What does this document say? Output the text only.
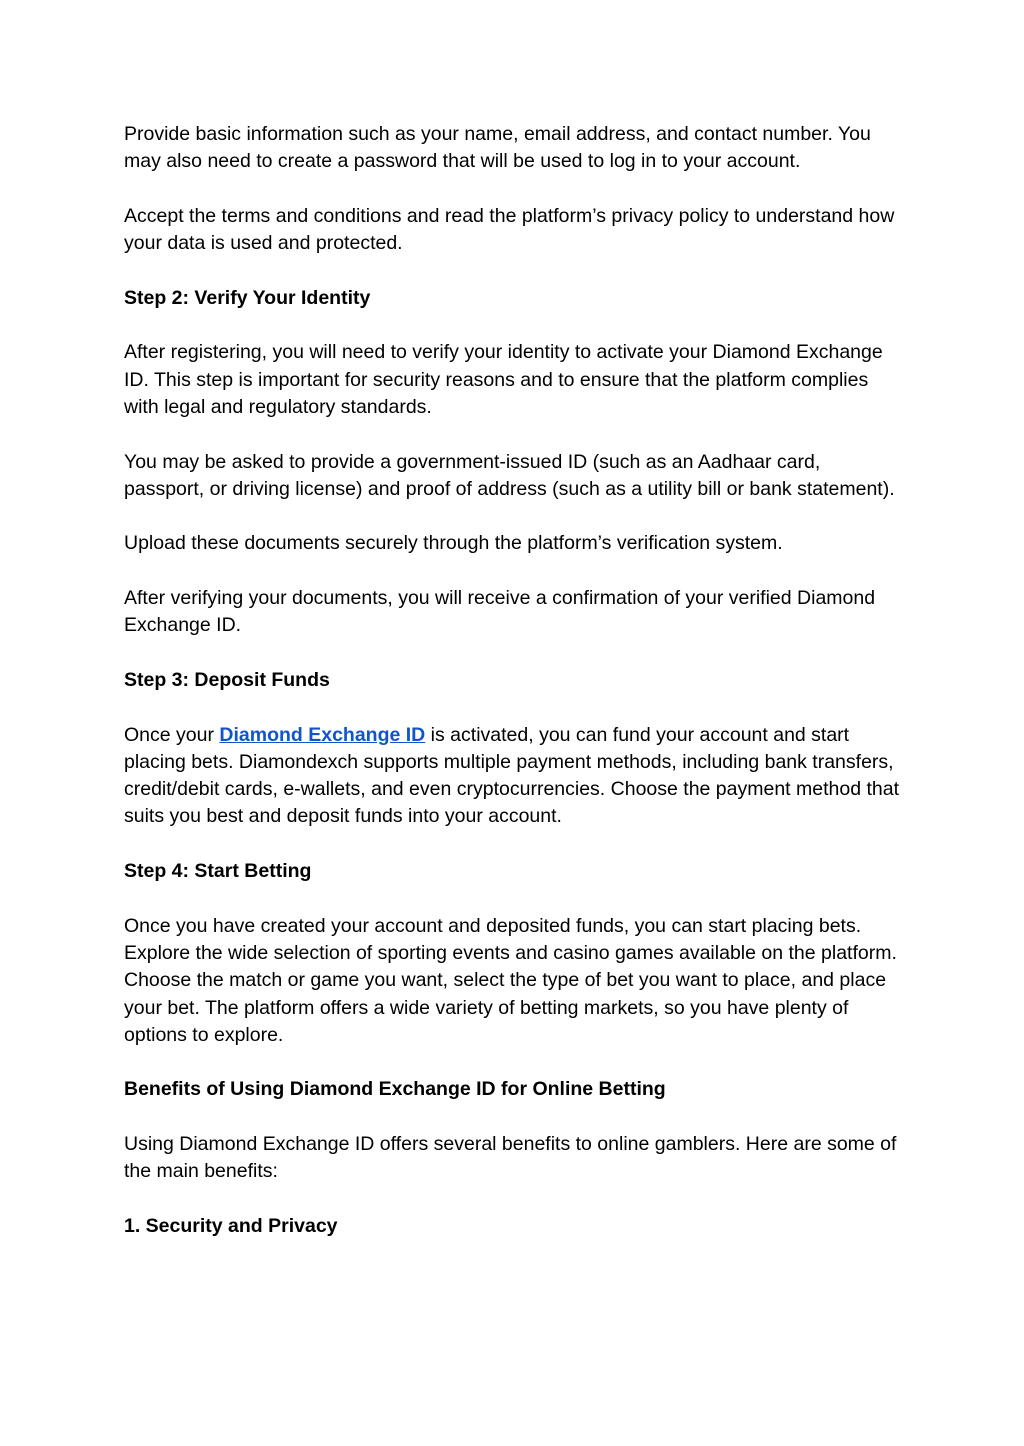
Provide basic information such as your name, email address, and contact number. You may also need to create a password that will be used to log in to your account.

Accept the terms and conditions and read the platform’s privacy policy to understand how your data is used and protected.

Step 2: Verify Your Identity

After registering, you will need to verify your identity to activate your Diamond Exchange ID. This step is important for security reasons and to ensure that the platform complies with legal and regulatory standards.

You may be asked to provide a government-issued ID (such as an Aadhaar card, passport, or driving license) and proof of address (such as a utility bill or bank statement).

Upload these documents securely through the platform’s verification system.

After verifying your documents, you will receive a confirmation of your verified Diamond Exchange ID.

Step 3: Deposit Funds

Once your Diamond Exchange ID is activated, you can fund your account and start placing bets. Diamondexch supports multiple payment methods, including bank transfers, credit/debit cards, e-wallets, and even cryptocurrencies. Choose the payment method that suits you best and deposit funds into your account.

Step 4: Start Betting

Once you have created your account and deposited funds, you can start placing bets. Explore the wide selection of sporting events and casino games available on the platform. Choose the match or game you want, select the type of bet you want to place, and place your bet. The platform offers a wide variety of betting markets, so you have plenty of options to explore.

Benefits of Using Diamond Exchange ID for Online Betting

Using Diamond Exchange ID offers several benefits to online gamblers. Here are some of the main benefits:

1. Security and Privacy
